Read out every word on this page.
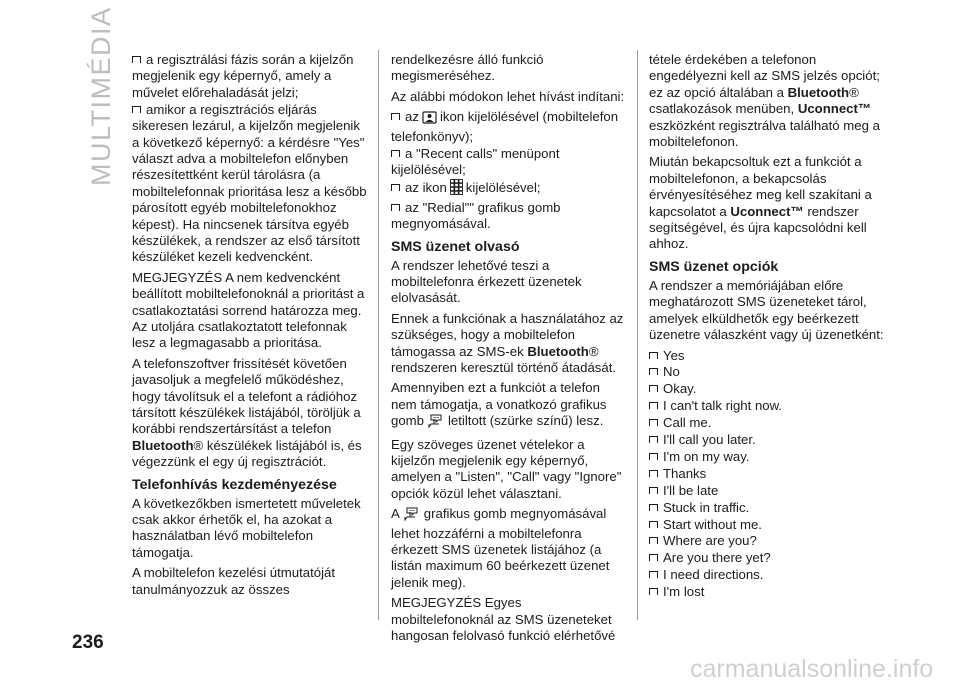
MULTIMÉDIA	a regisztrálási fázis során a kijelzőn megjelenik egy képernyő, amely a művelet előrehaladását jelzi;
amikor a regisztrációs eljárás sikeresen lezárul, a kijelzőn megjelenik a következő képernyő: a kérdésre "Yes" választ adva a mobiltelefon előnyben részesítettként kerül tárolásra (a mobiltelefonnak prioritása lesz a később párosított egyéb mobiltelefonokhoz képest). Ha nincsenek társítva egyéb készülékek, a rendszer az első társított készüléket kezeli kedvencként.

MEGJEGYZÉS A nem kedvencként beállított mobiltelefonoknál a prioritást a csatlakoztatási sorrend határozza meg. Az utoljára csatlakoztatott telefonnak lesz a legmagasabb a prioritása.

A telefonszoftver frissítését követően javasoljuk a megfelelő működéshez, hogy távolítsuk el a telefont a rádióhoz társított készülékek listájából, töröljük a korábbi rendszertársítást a telefon Bluetooth® készülékek listájából is, és végezzünk el egy új regisztrációt.

Telefonhívás kezdeményezése

A következőkben ismertetett műveletek csak akkor érhetők el, ha azokat a használatban lévő mobiltelefon támogatja.

A mobiltelefon kezelési útmutatóját tanulmányozzuk az összes

rendelkezésre álló funkció megismeréséhez.

Az alábbi módokon lehet hívást indítani:

az ikon kijelölésével (mobiltelefon telefonkönyv);
a "Recent calls" menüpont kijelölésével;
az ikon kijelölésével;
az "Redial"" grafikus gomb megnyomásával.
SMS üzenet olvasó

A rendszer lehetővé teszi a mobiltelefonra érkezett üzenetek elolvasását.

Ennek a funkciónak a használatához az szükséges, hogy a mobiltelefon támogassa az SMS-ek Bluetooth® rendszeren keresztül történő átadását.

Amennyiben ezt a funkciót a telefon nem támogatja, a vonatkozó grafikus gomb letiltott (szürke színű) lesz.

Egy szöveges üzenet vételekor a kijelzőn megjelenik egy képernyő, amelyen a "Listen", "Call" vagy "Ignore" opciók közül lehet választani.

A grafikus gomb megnyomásával lehet hozzáférni a mobiltelefonra érkezett SMS üzenetek listájához (a listán maximum 60 beérkezett üzenet jelenik meg).

MEGJEGYZÉS Egyes mobiltelefonoknál az SMS üzeneteket hangosan felolvasó funkció elérhetővé

tétele érdekében a telefonon engedélyezni kell az SMS jelzés opciót; ez az opció általában a Bluetooth® csatlakozások menüben, Uconnect™ eszközként regisztrálva található meg a mobiltelefonon.

Miután bekapcsoltuk ezt a funkciót a mobiltelefonon, a bekapcsolás érvényesítéséhez meg kell szakítani a kapcsolatot a Uconnect™ rendszer segítségével, és újra kapcsolódni kell ahhoz.

SMS üzenet opciók

A rendszer a memóriájában előre meghatározott SMS üzeneteket tárol, amelyek elküldhetők egy beérkezett üzenetre válaszként vagy új üzenetként:

Yes
No
Okay.
I can't talk right now.
Call me.
I'll call you later.
I'm on my way.
Thanks
I'll be late
Stuck in traffic.
Start without me.
Where are you?
Are you there yet?
I need directions.
I'm lost
236
carmanualsonline.info
